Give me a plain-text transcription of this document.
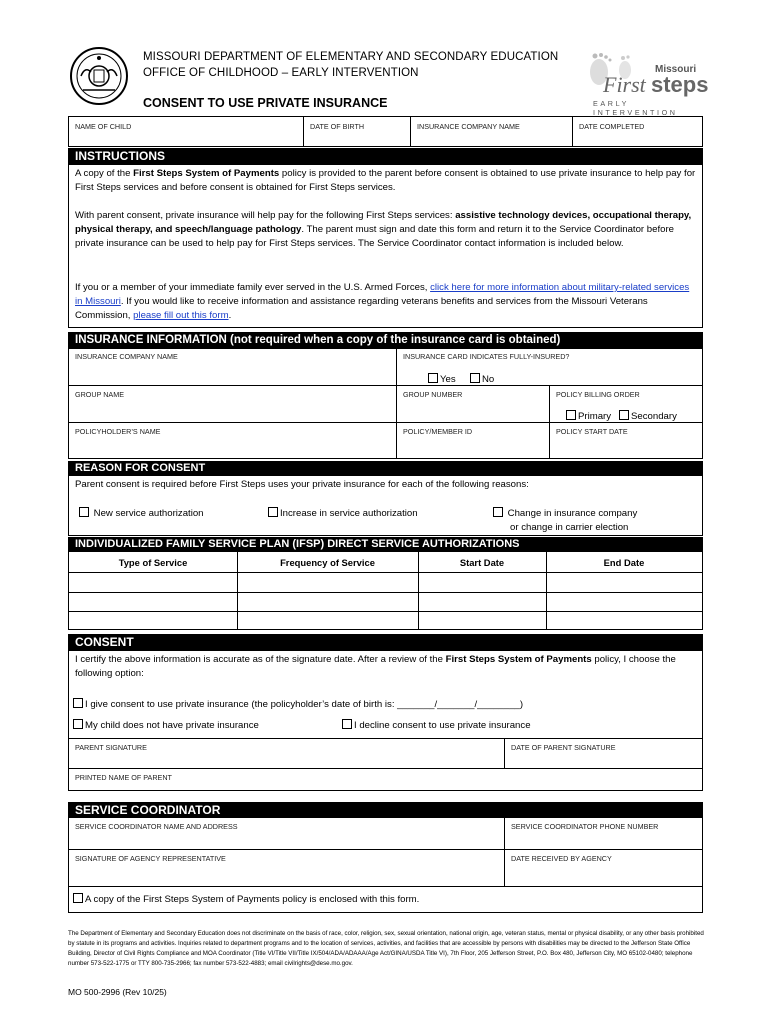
MISSOURI DEPARTMENT OF ELEMENTARY AND SECONDARY EDUCATION
OFFICE OF CHILDHOOD – EARLY INTERVENTION	Missouri
First steps
EARLY INTERVENTION
CONSENT TO USE PRIVATE INSURANCE
NAME OF CHILD	DATE OF BIRTH	INSURANCE COMPANY NAME	DATE COMPLETED
INSTRUCTIONS
A copy of the First Steps System of Payments policy is provided to the parent before consent is obtained to use private insurance to help pay for First Steps services and before consent is obtained for First Steps services.
With parent consent, private insurance will help pay for the following First Steps services: assistive technology devices, occupational therapy, physical therapy, and speech/language pathology. The parent must sign and date this form and return it to the Service Coordinator before private insurance can be used to help pay for First Steps services. The Service Coordinator contact information is included below.
If you or a member of your immediate family ever served in the U.S. Armed Forces, click here for more information about military-related services in Missouri. If you would like to receive information and assistance regarding veterans benefits and services from the Missouri Veterans Commission, please fill out this form.
INSURANCE INFORMATION (not required when a copy of the insurance card is obtained)
INSURANCE COMPANY NAME	INSURANCE CARD INDICATES FULLY-INSURED?
Yes	No
GROUP NAME	GROUP NUMBER	POLICY BILLING ORDER
Primary	Secondary
POLICYHOLDER’S NAME	POLICY/MEMBER ID	POLICY START DATE
REASON FOR CONSENT
Parent consent is required before First Steps uses your private insurance for each of the following reasons:
New service authorization	Increase in service authorization	Change in insurance company
or change in carrier election
INDIVIDUALIZED FAMILY SERVICE PLAN (IFSP) DIRECT SERVICE AUTHORIZATIONS
Type of Service	Frequency of Service	Start Date	End Date
CONSENT
PARENT SIGNATURE	DATE OF PARENT SIGNATURE
PRINTED NAME OF PARENT
I certify the above information is accurate as of the signature date. After a review of the First Steps System of Payments policy, I choose the following option:
I give consent to use private insurance (the policyholder’s date of birth is: _______/_______/________)
My child does not have private insurance	I decline consent to use private insurance
SERVICE COORDINATOR
SERVICE COORDINATOR NAME AND ADDRESS	SERVICE COORDINATOR PHONE NUMBER
SIGNATURE OF AGENCY REPRESENTATIVE	DATE RECEIVED BY AGENCY
A copy of the First Steps System of Payments policy is enclosed with this form.
The Department of Elementary and Secondary Education does not discriminate on the basis of race, color, religion, sex, sexual orientation, national origin, age, veteran status, mental or physical disability, or any other basis prohibited by statute in its programs and activities. Inquiries related to department programs and to the location of services, activities, and facilities that are accessible by persons with disabilities may be directed to the Jefferson State Office Building, Director of Civil Rights Compliance and MOA Coordinator (Title VI/Title VII/Title IX/504/ADA/ADAAA/Age Act/GINA/USDA Title VI), 7th Floor, 205 Jefferson Street, P.O. Box 480, Jefferson City, MO 65102-0480; telephone number 573-522-1775 or TTY 800-735-2966; fax number 573-522-4883; email civilrights@dese.mo.gov.
MO 500-2996 (Rev 10/25)
